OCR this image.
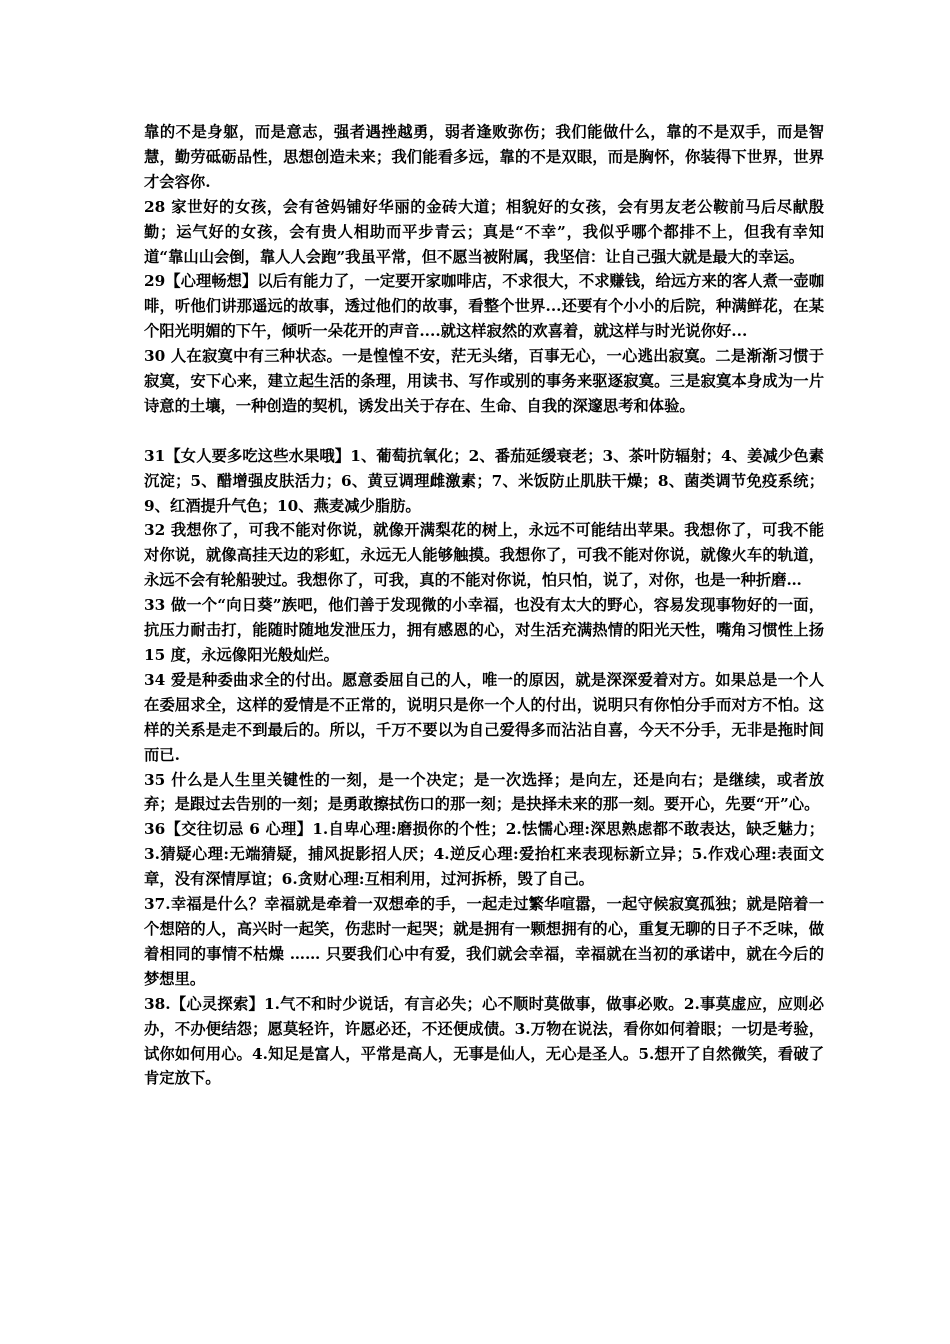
靠的不是身躯，而是意志，强者遇挫越勇，弱者逢败弥伤；我们能做什么，靠的不是双手，而是智慧，勤劳砥砺品性，思想创造未来；我们能看多远，靠的不是双眼，而是胸怀，你装得下世界，世界才会容你.

28 家世好的女孩，会有爸妈铺好华丽的金砖大道；相貌好的女孩，会有男友老公鞍前马后尽献殷勤；运气好的女孩，会有贵人相助而平步青云；真是“不幸”，我似乎哪个都排不上，但我有幸知道“靠山山会倒，靠人人会跑”我虽平常，但不愿当被附属，我坚信：让自己强大就是最大的幸运。

29【心理畅想】以后有能力了，一定要开家咖啡店，不求很大，不求赚钱，给远方来的客人煮一壶咖啡，听他们讲那遥远的故事，透过他们的故事，看整个世界...还要有个小小的后院，种满鲜花，在某个阳光明媚的下午，倾听一朵花开的声音....就这样寂然的欢喜着，就这样与时光说你好...

30 人在寂寞中有三种状态。一是惶惶不安，茫无头绪，百事无心，一心逃出寂寞。二是渐渐习惯于寂寞，安下心来，建立起生活的条理，用读书、写作或别的事务来驱逐寂寞。三是寂寞本身成为一片诗意的土壤，一种创造的契机，诱发出关于存在、生命、自我的深邃思考和体验。

31【女人要多吃这些水果哦】1、葡萄抗氧化；2、番茄延缓衰老；3、茶叶防辐射；4、姜减少色素沉淀；5、醋增强皮肤活力；6、黄豆调理雌激素；7、米饭防止肌肤干燥；8、菌类调节免疫系统；9、红酒提升气色；10、燕麦减少脂肪。

32 我想你了，可我不能对你说，就像开满梨花的树上，永远不可能结出苹果。我想你了，可我不能对你说，就像高挂天边的彩虹，永远无人能够触摸。我想你了，可我不能对你说，就像火车的轨道，永远不会有轮船驶过。我想你了，可我，真的不能对你说，怕只怕，说了，对你，也是一种折磨…

33 做一个“向日葵”族吧，他们善于发现微的小幸福，也没有太大的野心，容易发现事物好的一面，抗压力耐击打，能随时随地发泄压力，拥有感恩的心，对生活充满热情的阳光天性，嘴角习惯性上扬 15 度，永远像阳光般灿烂。

34 爱是种委曲求全的付出。愿意委屈自己的人，唯一的原因，就是深深爱着对方。如果总是一个人在委屈求全，这样的爱情是不正常的，说明只是你一个人的付出，说明只有你怕分手而对方不怕。这样的关系是走不到最后的。所以，千万不要以为自己爱得多而沾沾自喜，今天不分手，无非是拖时间而已.

35 什么是人生里关键性的一刻，是一个决定；是一次选择；是向左，还是向右；是继续，或者放弃；是跟过去告别的一刻；是勇敢擦拭伤口的那一刻；是抉择未来的那一刻。要开心，先要“开”心。

36【交往切忌 6 心理】1.自卑心理:磨损你的个性；2.怯懦心理:深思熟虑都不敢表达，缺乏魅力；3.猜疑心理:无端猜疑，捕风捉影招人厌；4.逆反心理:爱抬杠来表现标新立异；5.作戏心理:表面文章，没有深情厚谊；6.贪财心理:互相利用，过河拆桥，毁了自己。

37.幸福是什么？幸福就是牵着一双想牵的手，一起走过繁华喧嚣，一起守候寂寞孤独；就是陪着一个想陪的人，高兴时一起笑，伤悲时一起哭；就是拥有一颗想拥有的心，重复无聊的日子不乏味，做着相同的事情不枯燥 …… 只要我们心中有爱，我们就会幸福，幸福就在当初的承诺中，就在今后的梦想里。

38.【心灵探索】1.气不和时少说话，有言必失；心不顺时莫做事，做事必败。2.事莫虚应，应则必办，不办便结怨；愿莫轻许，许愿必还，不还便成债。3.万物在说法，看你如何着眼；一切是考验，试你如何用心。4.知足是富人，平常是高人，无事是仙人，无心是圣人。5.想开了自然微笑，看破了肯定放下。
